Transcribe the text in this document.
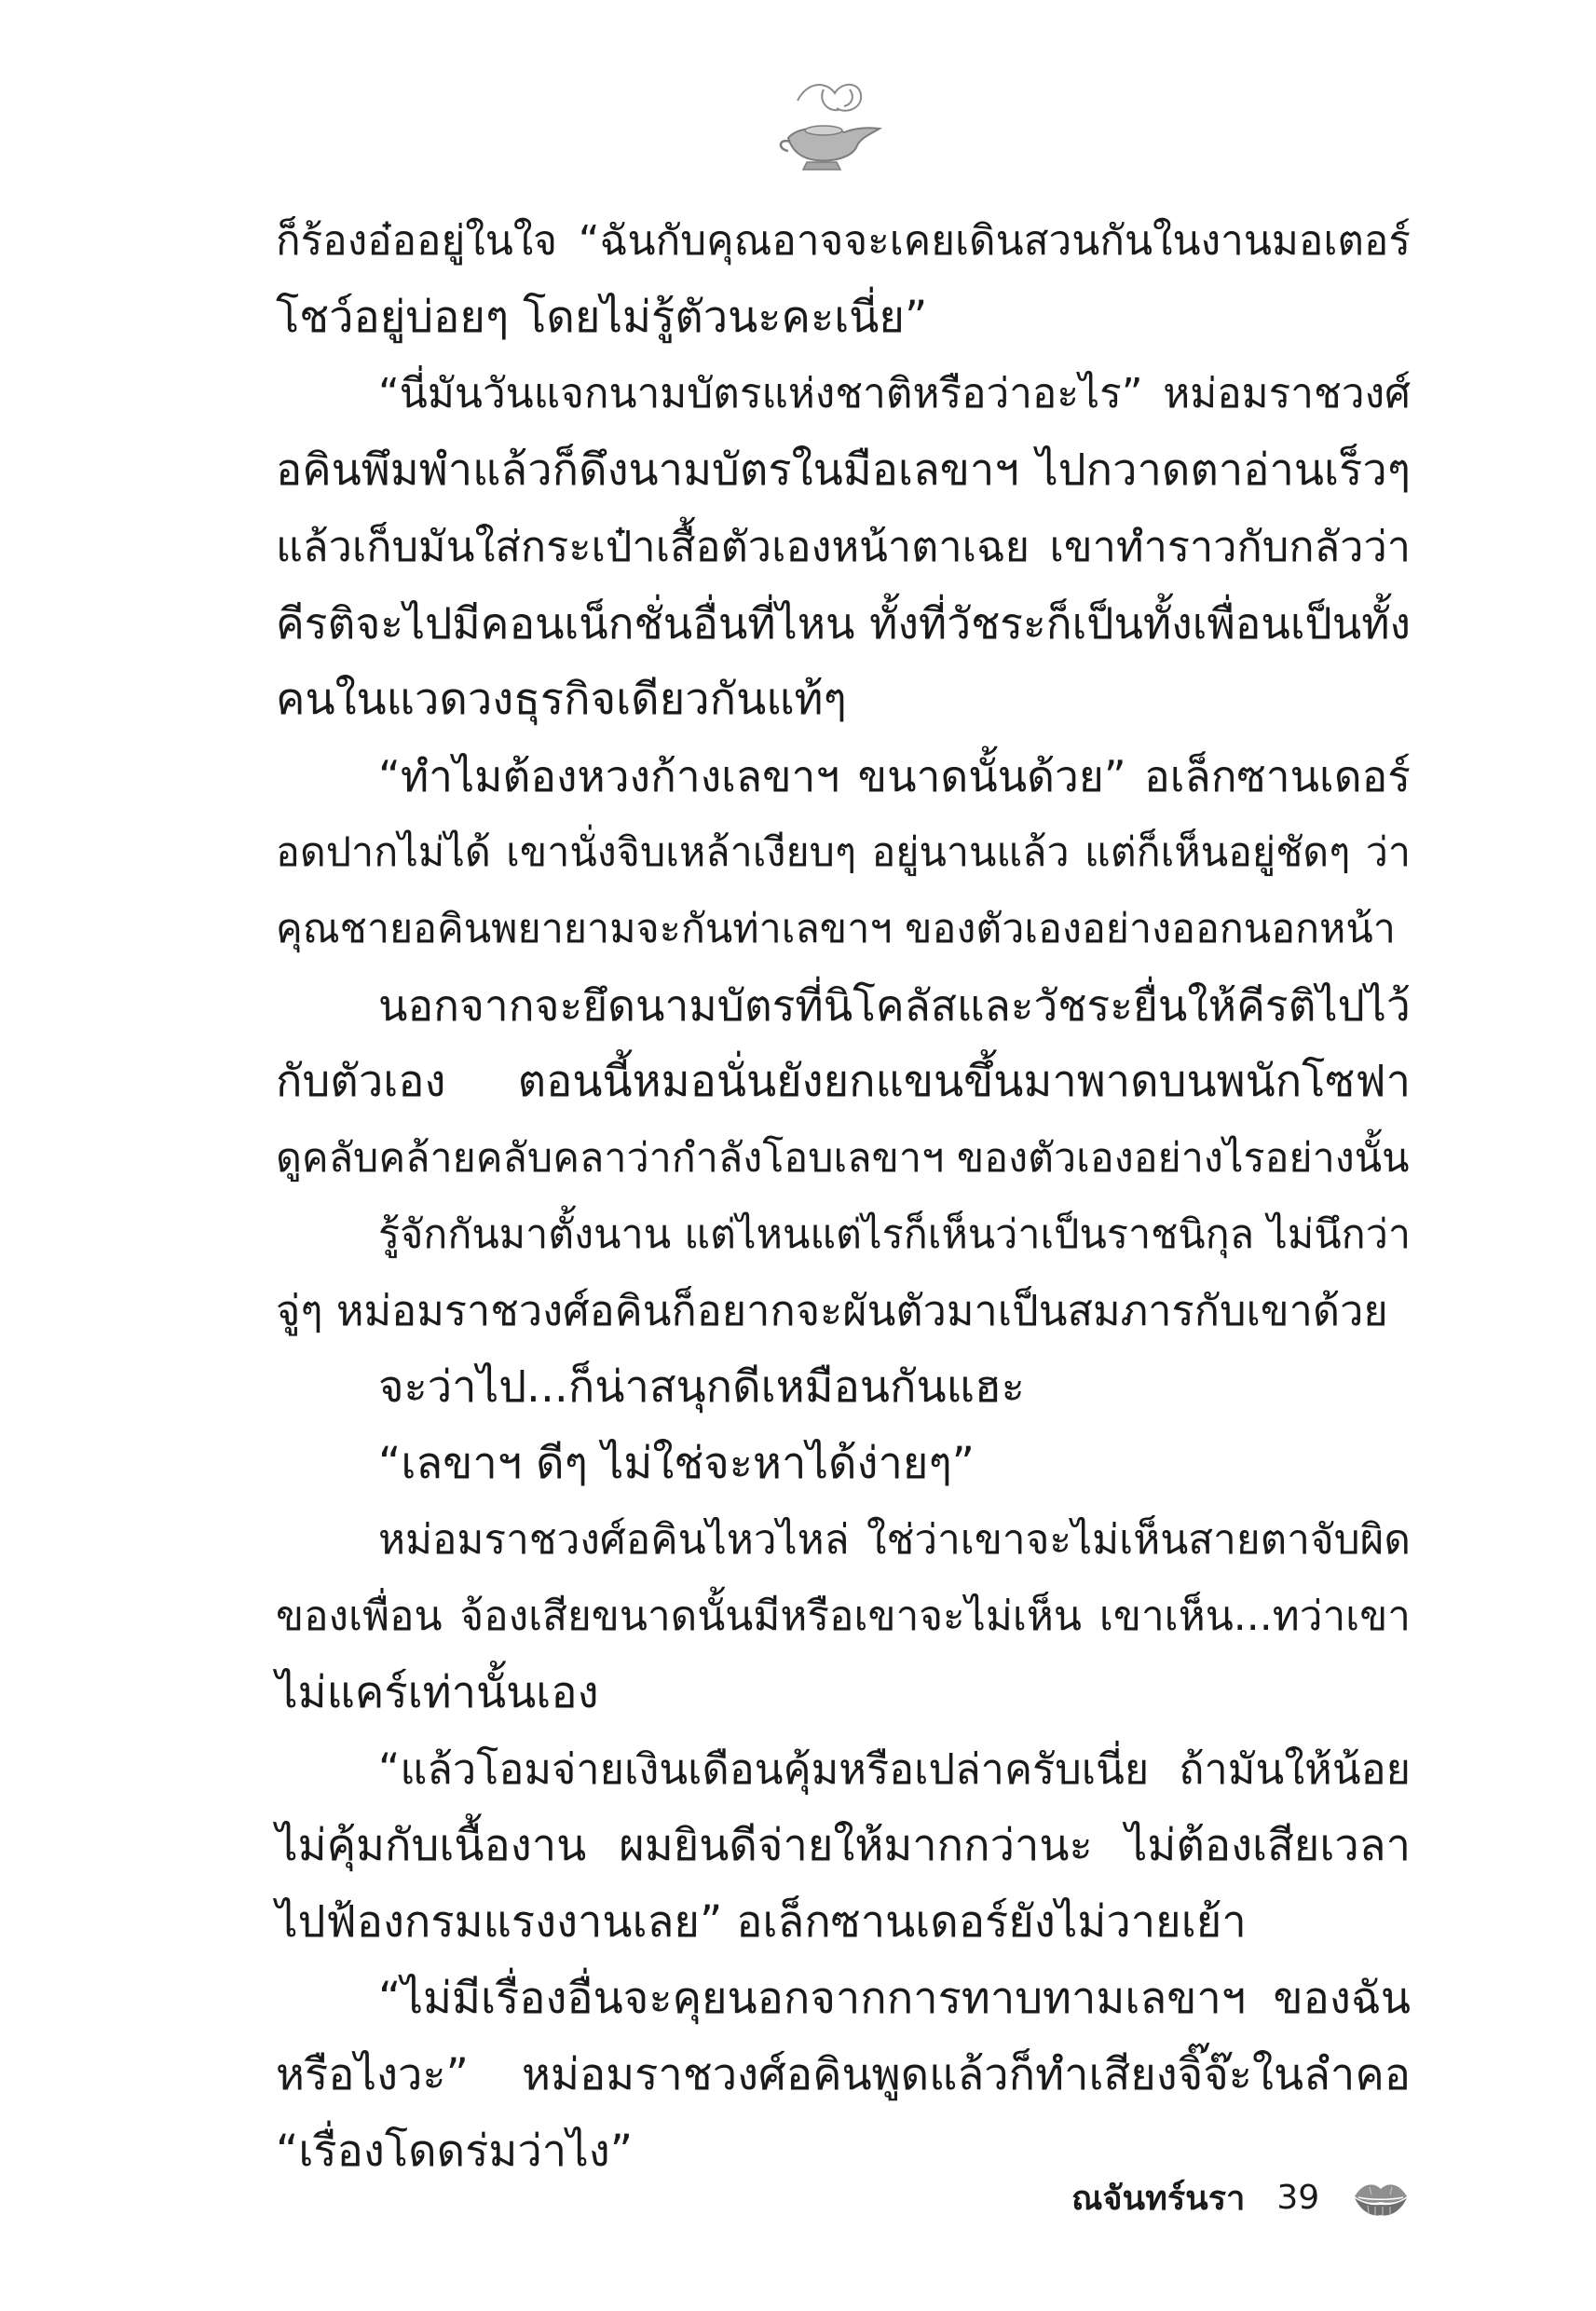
ก็ร้องอ๋ออยู่ในใจ “ฉันกับคุณอาจจะเคยเดินสวนกันในงานมอเตอร์
โชว์อยู่บ่อยๆ โดยไม่รู้ตัวนะคะเนี่ย”
“นี่มันวันแจกนามบัตรแห่งชาติหรือว่าอะไร” หม่อมราชวงศ์
อคินพึมพำแล้วก็ดึงนามบัตรในมือเลขาฯ ไปกวาดตาอ่านเร็วๆ
แล้วเก็บมันใส่กระเป๋าเสื้อตัวเองหน้าตาเฉย เขาทำราวกับกลัวว่า
คีรติจะไปมีคอนเน็กชั่นอื่นที่ไหน ทั้งที่วัชระก็เป็นทั้งเพื่อนเป็นทั้ง
คนในแวดวงธุรกิจเดียวกันแท้ๆ
“ทำไมต้องหวงก้างเลขาฯ ขนาดนั้นด้วย” อเล็กซานเดอร์
อดปากไม่ได้ เขานั่งจิบเหล้าเงียบๆ อยู่นานแล้ว แต่ก็เห็นอยู่ชัดๆ ว่า
คุณชายอคินพยายามจะกันท่าเลขาฯ ของตัวเองอย่างออกนอกหน้า
นอกจากจะยึดนามบัตรที่นิโคลัสและวัชระยื่นให้คีรติไปไว้
กับตัวเอง ตอนนี้หมอนั่นยังยกแขนขึ้นมาพาดบนพนักโซฟา
ดูคลับคล้ายคลับคลาว่ากำลังโอบเลขาฯ ของตัวเองอย่างไรอย่างนั้น
รู้จักกันมาตั้งนาน แต่ไหนแต่ไรก็เห็นว่าเป็นราชนิกุล ไม่นึกว่า
จู่ๆ หม่อมราชวงศ์อคินก็อยากจะผันตัวมาเป็นสมภารกับเขาด้วย
จะว่าไป...ก็น่าสนุกดีเหมือนกันแฮะ
“เลขาฯ ดีๆ ไม่ใช่จะหาได้ง่ายๆ”
หม่อมราชวงศ์อคินไหวไหล่ ใช่ว่าเขาจะไม่เห็นสายตาจับผิด
ของเพื่อน จ้องเสียขนาดนั้นมีหรือเขาจะไม่เห็น เขาเห็น...ทว่าเขา
ไม่แคร์เท่านั้นเอง
“แล้วโอมจ่ายเงินเดือนคุ้มหรือเปล่าครับเนี่ย ถ้ามันให้น้อย
ไม่คุ้มกับเนื้องาน ผมยินดีจ่ายให้มากกว่านะ ไม่ต้องเสียเวลา
ไปฟ้องกรมแรงงานเลย” อเล็กซานเดอร์ยังไม่วายเย้า
“ไม่มีเรื่องอื่นจะคุยนอกจากการทาบทามเลขาฯ ของฉัน
หรือไงวะ” หม่อมราชวงศ์อคินพูดแล้วก็ทำเสียงจิ๊จ๊ะในลำคอ
“เรื่องโดดร่มว่าไง”
ณจันทร์นรา 39
